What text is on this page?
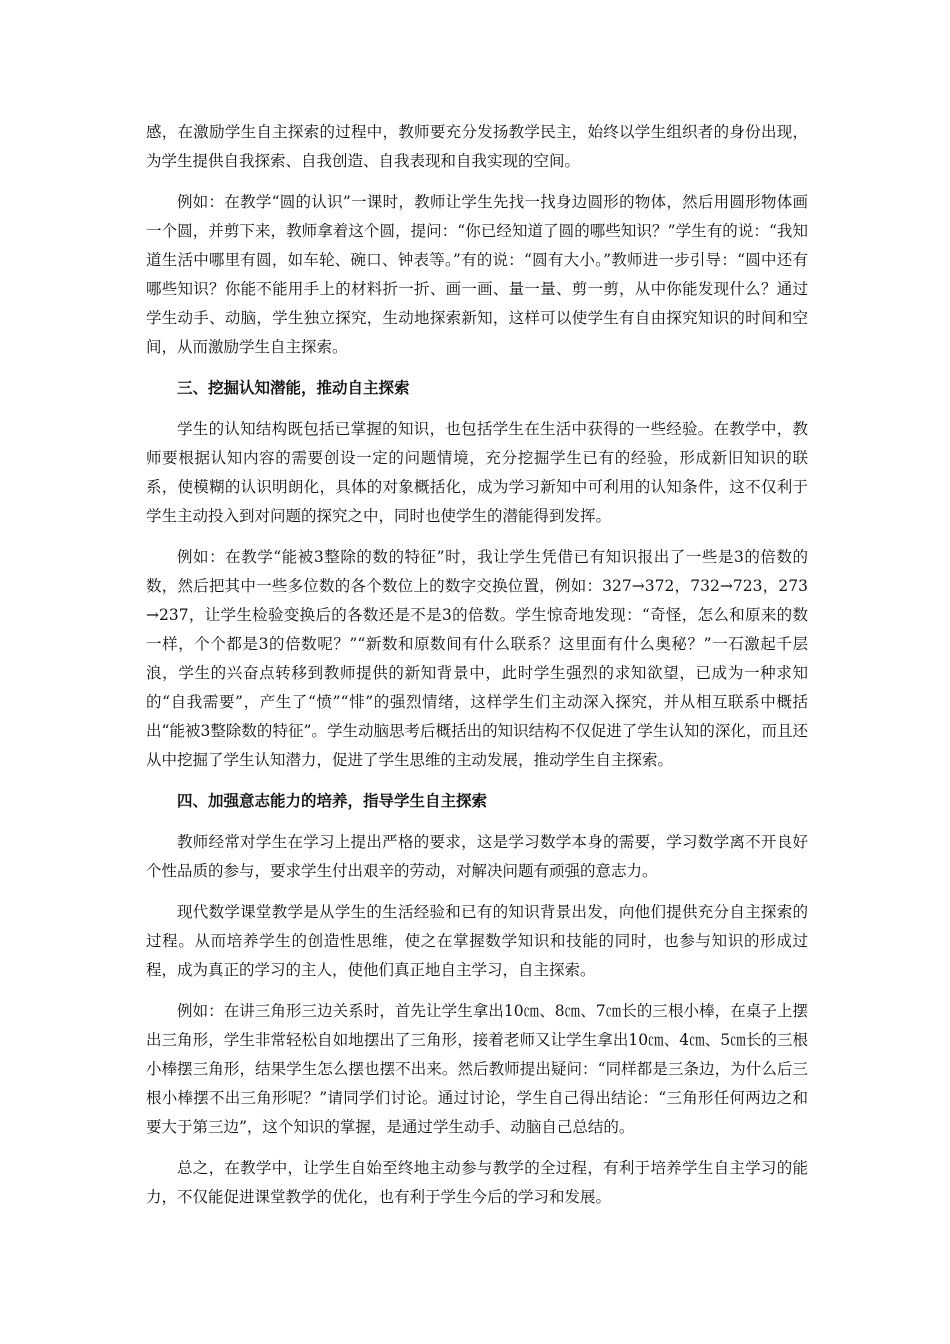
感，在激励学生自主探索的过程中，教师要充分发扬教学民主，始终以学生组织者的身份出现，为学生提供自我探索、自我创造、自我表现和自我实现的空间。

例如：在教学“圆的认识”一课时，教师让学生先找一找身边圆形的物体，然后用圆形物体画一个圆，并剪下来，教师拿着这个圆，提问：“你已经知道了圆的哪些知识？”学生有的说：“我知道生活中哪里有圆，如车轮、碗口、钟表等。”有的说：“圆有大小。”教师进一步引导：“圆中还有哪些知识？你能不能用手上的材料折一折、画一画、量一量、剪一剪，从中你能发现什么？通过学生动手、动脑，学生独立探究，生动地探索新知，这样可以使学生有自由探究知识的时间和空间，从而激励学生自主探索。

三、挖掘认知潜能，推动自主探索

学生的认知结构既包括已掌握的知识，也包括学生在生活中获得的一些经验。在教学中，教师要根据认知内容的需要创设一定的问题情境，充分挖掘学生已有的经验，形成新旧知识的联系，使模糊的认识明朗化，具体的对象概括化，成为学习新知中可利用的认知条件，这不仅利于学生主动投入到对问题的探究之中，同时也使学生的潜能得到发挥。

例如：在教学“能被3整除的数的特征”时，我让学生凭借已有知识报出了一些是3的倍数的数，然后把其中一些多位数的各个数位上的数字交换位置，例如：327→372，732→723，273→237，让学生检验变换后的各数还是不是3的倍数。学生惊奇地发现：“奇怪，怎么和原来的数一样，个个都是3的倍数呢？”“新数和原数间有什么联系？这里面有什么奥秘？”一石激起千层浪，学生的兴奋点转移到教师提供的新知背景中，此时学生强烈的求知欲望，已成为一种求知的“自我需要”，产生了“愤”“悱”的强烈情绪，这样学生们主动深入探究，并从相互联系中概括出“能被3整除数的特征”。学生动脑思考后概括出的知识结构不仅促进了学生认知的深化，而且还从中挖掘了学生认知潜力，促进了学生思维的主动发展，推动学生自主探索。

四、加强意志能力的培养，指导学生自主探索

教师经常对学生在学习上提出严格的要求，这是学习数学本身的需要，学习数学离不开良好个性品质的参与，要求学生付出艰辛的劳动，对解决问题有顽强的意志力。

现代数学课堂教学是从学生的生活经验和已有的知识背景出发，向他们提供充分自主探索的过程。从而培养学生的创造性思维，使之在掌握数学知识和技能的同时，也参与知识的形成过程，成为真正的学习的主人，使他们真正地自主学习，自主探索。

例如：在讲三角形三边关系时，首先让学生拿出10㎝、8㎝、7㎝长的三根小棒，在桌子上摆出三角形，学生非常轻松自如地摆出了三角形，接着老师又让学生拿出10㎝、4㎝、5㎝长的三根小棒摆三角形，结果学生怎么摆也摆不出来。然后教师提出疑问：“同样都是三条边，为什么后三根小棒摆不出三角形呢？”请同学们讨论。通过讨论，学生自己得出结论：“三角形任何两边之和要大于第三边”，这个知识的掌握，是通过学生动手、动脑自己总结的。

总之，在教学中，让学生自始至终地主动参与教学的全过程，有利于培养学生自主学习的能力，不仅能促进课堂教学的优化，也有利于学生今后的学习和发展。
